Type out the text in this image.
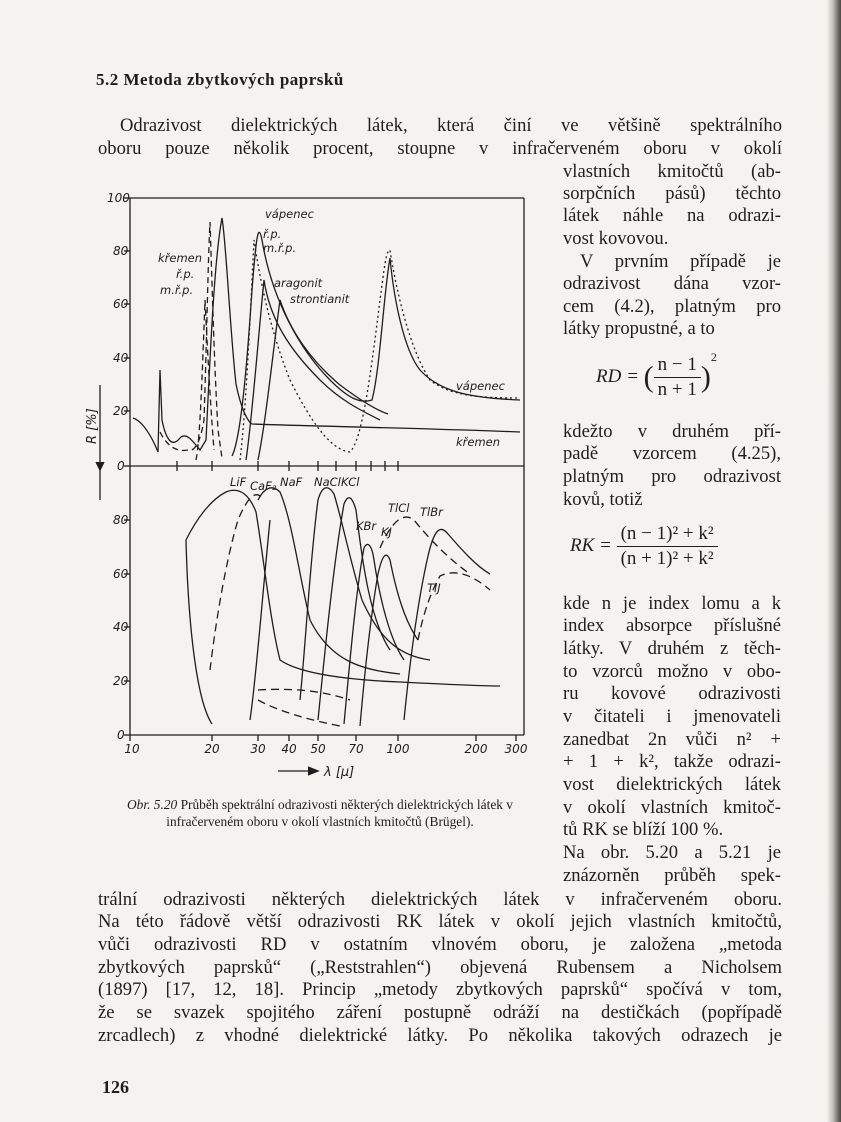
5.2 Metoda zbytkových paprsků
Odrazivost dielektrických látek, která činí ve většině spektrálního
oboru pouze několik procent, stoupne v infračerveném oboru v okolí
vlastních kmitočtů (ab-
sorpčních pásů) těchto
látek náhle na odrazi-
vost kovovou.
V prvním případě je
odrazivost dána vzor-
cem (4.2), platným pro
látky propustné, a to
RD = ( $\frac{n - 1}{n + 1} )^2$
kdežto v druhém pří-
padě vzorcem (4.25),
platným pro odrazivost
kovů, totiž
RK = $\frac{\text{(n − 1)² + k²}}{\text{(n + 1)² + k²}}$
kde n je index lomu a k
index absorpce příslušné
látky. V druhém z těch-
to vzorců možno v obo-
ru kovové odrazivosti
v čitateli i jmenovateli
zanedbat 2n vůči n² +
+ 1 + k², takže odrazi-
vost dielektrických látek
v okolí vlastních kmitoč-
tů RK se blíží 100 %.
Na obr. 5.20 a 5.21 je
znázorněn průběh spek-
trální odrazivosti některých dielektrických látek v infračerveném oboru.
Na této řádově větší odrazivosti RK látek v okolí jejich vlastních kmitočtů,
vůči odrazivosti RD v ostatním vlnovém oboru, je založena „metoda
zbytkových paprsků“ („Reststrahlen“) objevená Rubensem a Nicholsem
(1897) [17, 12, 18]. Princip „metody zbytkových paprsků“ spočívá v tom,
že se svazek spojitého záření postupně odráží na destičkách (popřípadě
zrcadlech) z vhodné dielektrické látky. Po několika takových odrazech je
100
80
60
40
20
0
80
60
40
20
0
10	20	30 40 50 70 100	200 300
R [%]
λ [μ]
vápenec
ř.p.
m.ř.p.
aragonit
strontianit
křemen
ř.p.
m.ř.p.
vápenec
křemen
LiF CaF₂ NaF NaCl KCl
TlCl TlBr
KBr KJ
TlJ
Obr. 5.20 Průběh spektrální odrazivosti některých dielektrických látek v infračerveném oboru v okolí vlastních kmitočtů (Brügel).
126
